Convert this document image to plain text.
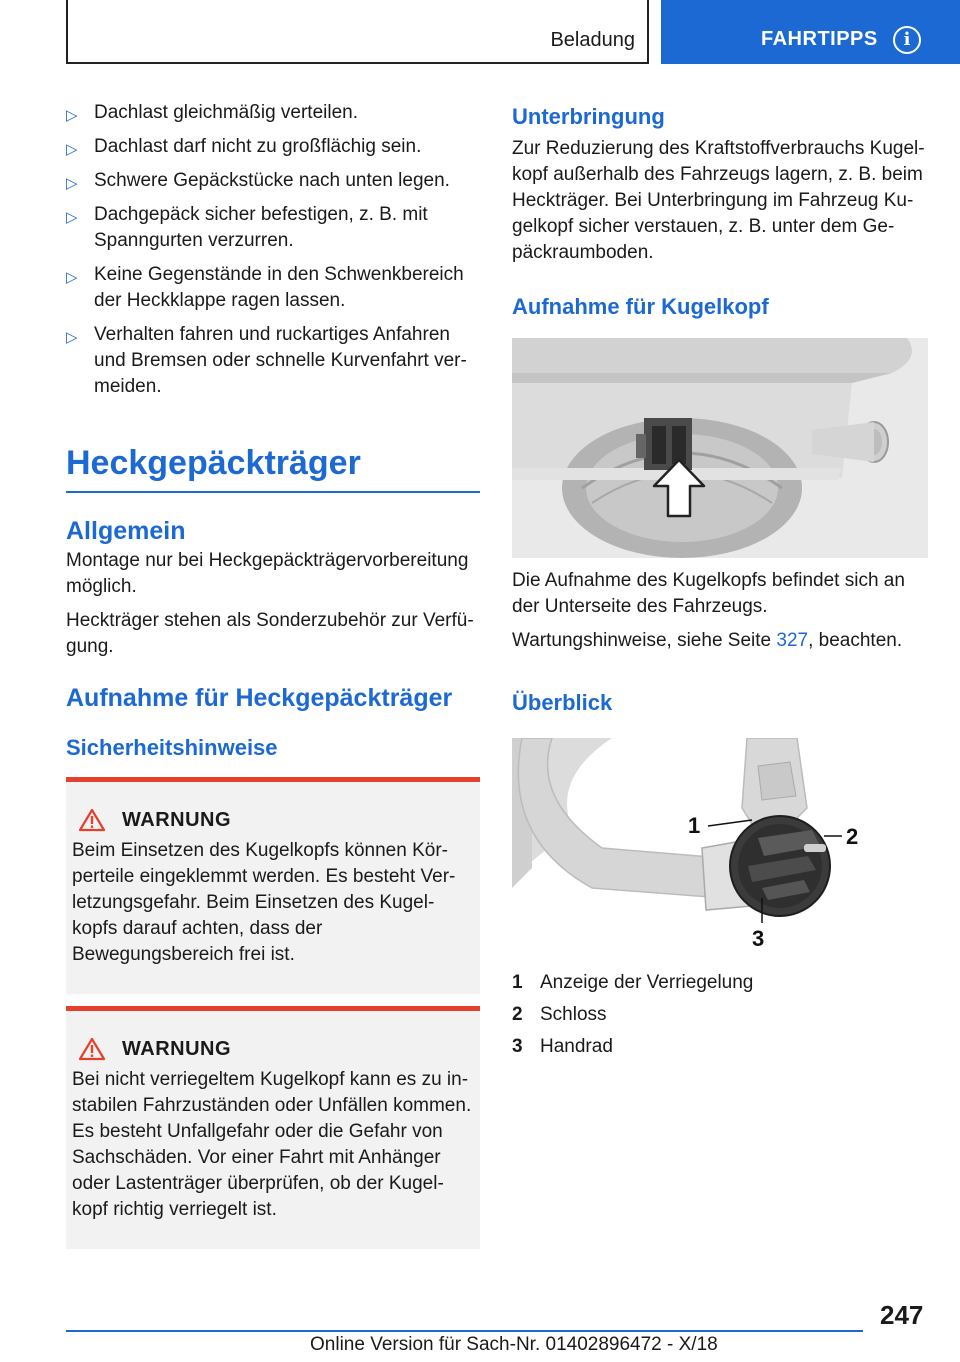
Beladung	FAHRTIPPS	i
▷ Dachlast gleichmäßig verteilen.
▷ Dachlast darf nicht zu großflächig sein.
▷ Schwere Gepäckstücke nach unten legen.
▷ Dachgepäck sicher befestigen, z. B. mit Spanngurten verzurren.
▷ Keine Gegenstände in den Schwenkbereich der Heckklappe ragen lassen.
▷ Verhalten fahren und ruckartiges Anfahren und Bremsen oder schnelle Kurvenfahrt vermeiden.
Heckgepäckträger
Allgemein

Montage nur bei Heckgepäckträgervorbereitung möglich.

Heckträger stehen als Sonderzubehör zur Verfügung.

Aufnahme für Heckgepäckträger
Sicherheitshinweise
WARNUNG

Beim Einsetzen des Kugelkopfs können Körperteile eingeklemmt werden. Es besteht Verletzungsgefahr. Beim Einsetzen des Kugelkopfs darauf achten, dass der Bewegungsbereich frei ist.

WARNUNG

Bei nicht verriegeltem Kugelkopf kann es zu instabilen Fahrzuständen oder Unfällen kommen. Es besteht Unfallgefahr oder die Gefahr von Sachschäden. Vor einer Fahrt mit Anhänger oder Lastenträger überprüfen, ob der Kugelkopf richtig verriegelt ist.

Unterbringung

Zur Reduzierung des Kraftstoffverbrauchs Kugelkopf außerhalb des Fahrzeugs lagern, z. B. beim Heckträger. Bei Unterbringung im Fahrzeug Kugelkopf sicher verstauen, z. B. unter dem Gepäckraumboden.

Aufnahme für Kugelkopf

Die Aufnahme des Kugelkopfs befindet sich an der Unterseite des Fahrzeugs.

Wartungshinweise, siehe Seite 327, beachten.

Überblick
1	2
3
1 Anzeige der Verriegelung
2 Schloss
3 Handrad
247
Online Version für Sach-Nr. 01402896472 - X/18
